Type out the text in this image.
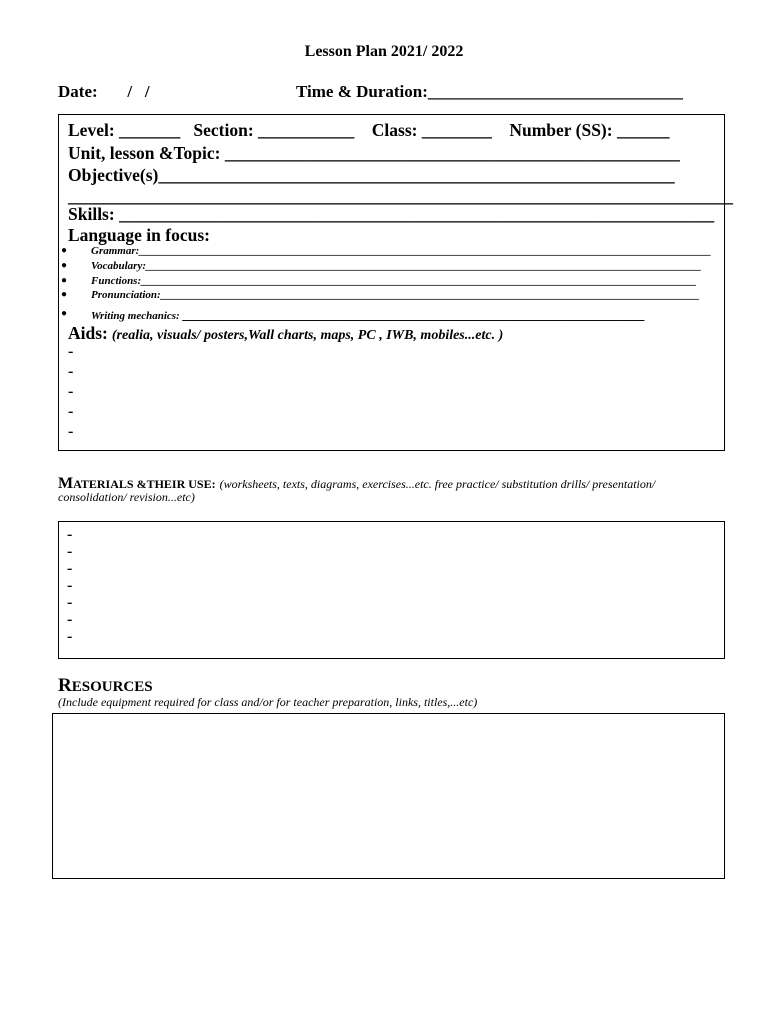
Lesson Plan 2021/ 2022
Date:       /   /	Time & Duration:______________________________
Level: _______   Section: ___________    Class: ________    Number (SS): ______
Unit, lesson &Topic: ____________________________________________________
Objective(s)___________________________________________________________
____________________________________________________________________________
Skills: ____________________________________________________________________
Language in focus:
● Grammar:________________________________________________________________________________________________________
● Vocabulary:_____________________________________________________________________________________________________
● Functions:_____________________________________________________________________________________________________
● Pronunciation:__________________________________________________________________________________________________
● Writing mechanics: __________________________________________________________________
Aids: (realia, visuals/ posters,Wall charts, maps, PC , IWB, mobiles...etc. )
-
-
-
-
-
MATERIALS &THEIR USE: (worksheets, texts, diagrams, exercises...etc. free practice/ substitution drills/ presentation/
consolidation/ revision...etc)
-
-
-
-
-
-
-
RESOURCES
(Include equipment required for class and/or for teacher preparation, links, titles,...etc)
